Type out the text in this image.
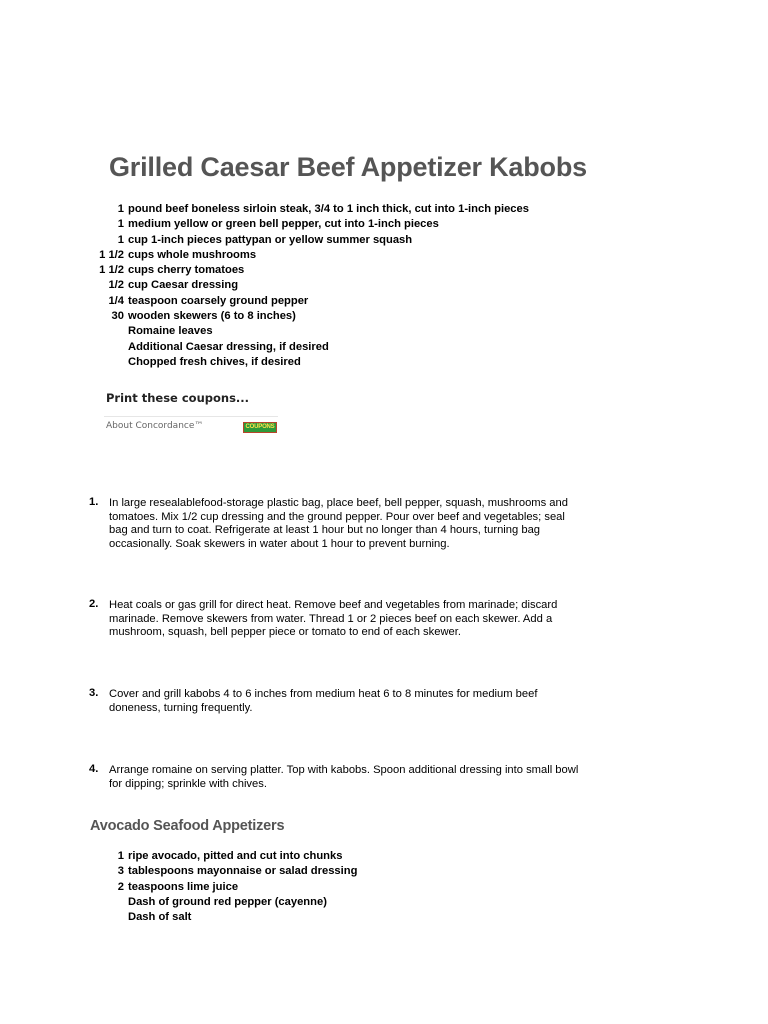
Grilled Caesar Beef Appetizer Kabobs
1 pound beef boneless sirloin steak, 3/4 to 1 inch thick, cut into 1-inch pieces
1 medium yellow or green bell pepper, cut into 1-inch pieces
1 cup 1-inch pieces pattypan or yellow summer squash
1 1/2 cups whole mushrooms
1 1/2 cups cherry tomatoes
1/2 cup Caesar dressing
1/4 teaspoon coarsely ground pepper
30 wooden skewers (6 to 8 inches)
Romaine leaves
Additional Caesar dressing, if desired
Chopped fresh chives, if desired
Print these coupons...
About Concordance™	COUPONS
1. In large resealablefood-storage plastic bag, place beef, bell pepper, squash, mushrooms and
tomatoes. Mix 1/2 cup dressing and the ground pepper. Pour over beef and vegetables; seal
bag and turn to coat. Refrigerate at least 1 hour but no longer than 4 hours, turning bag
occasionally. Soak skewers in water about 1 hour to prevent burning.
2. Heat coals or gas grill for direct heat. Remove beef and vegetables from marinade; discard
marinade. Remove skewers from water. Thread 1 or 2 pieces beef on each skewer. Add a
mushroom, squash, bell pepper piece or tomato to end of each skewer.
3. Cover and grill kabobs 4 to 6 inches from medium heat 6 to 8 minutes for medium beef
doneness, turning frequently.
4. Arrange romaine on serving platter. Top with kabobs. Spoon additional dressing into small bowl
for dipping; sprinkle with chives.
Avocado Seafood Appetizers
1 ripe avocado, pitted and cut into chunks
3 tablespoons mayonnaise or salad dressing
2 teaspoons lime juice
Dash of ground red pepper (cayenne)
Dash of salt
